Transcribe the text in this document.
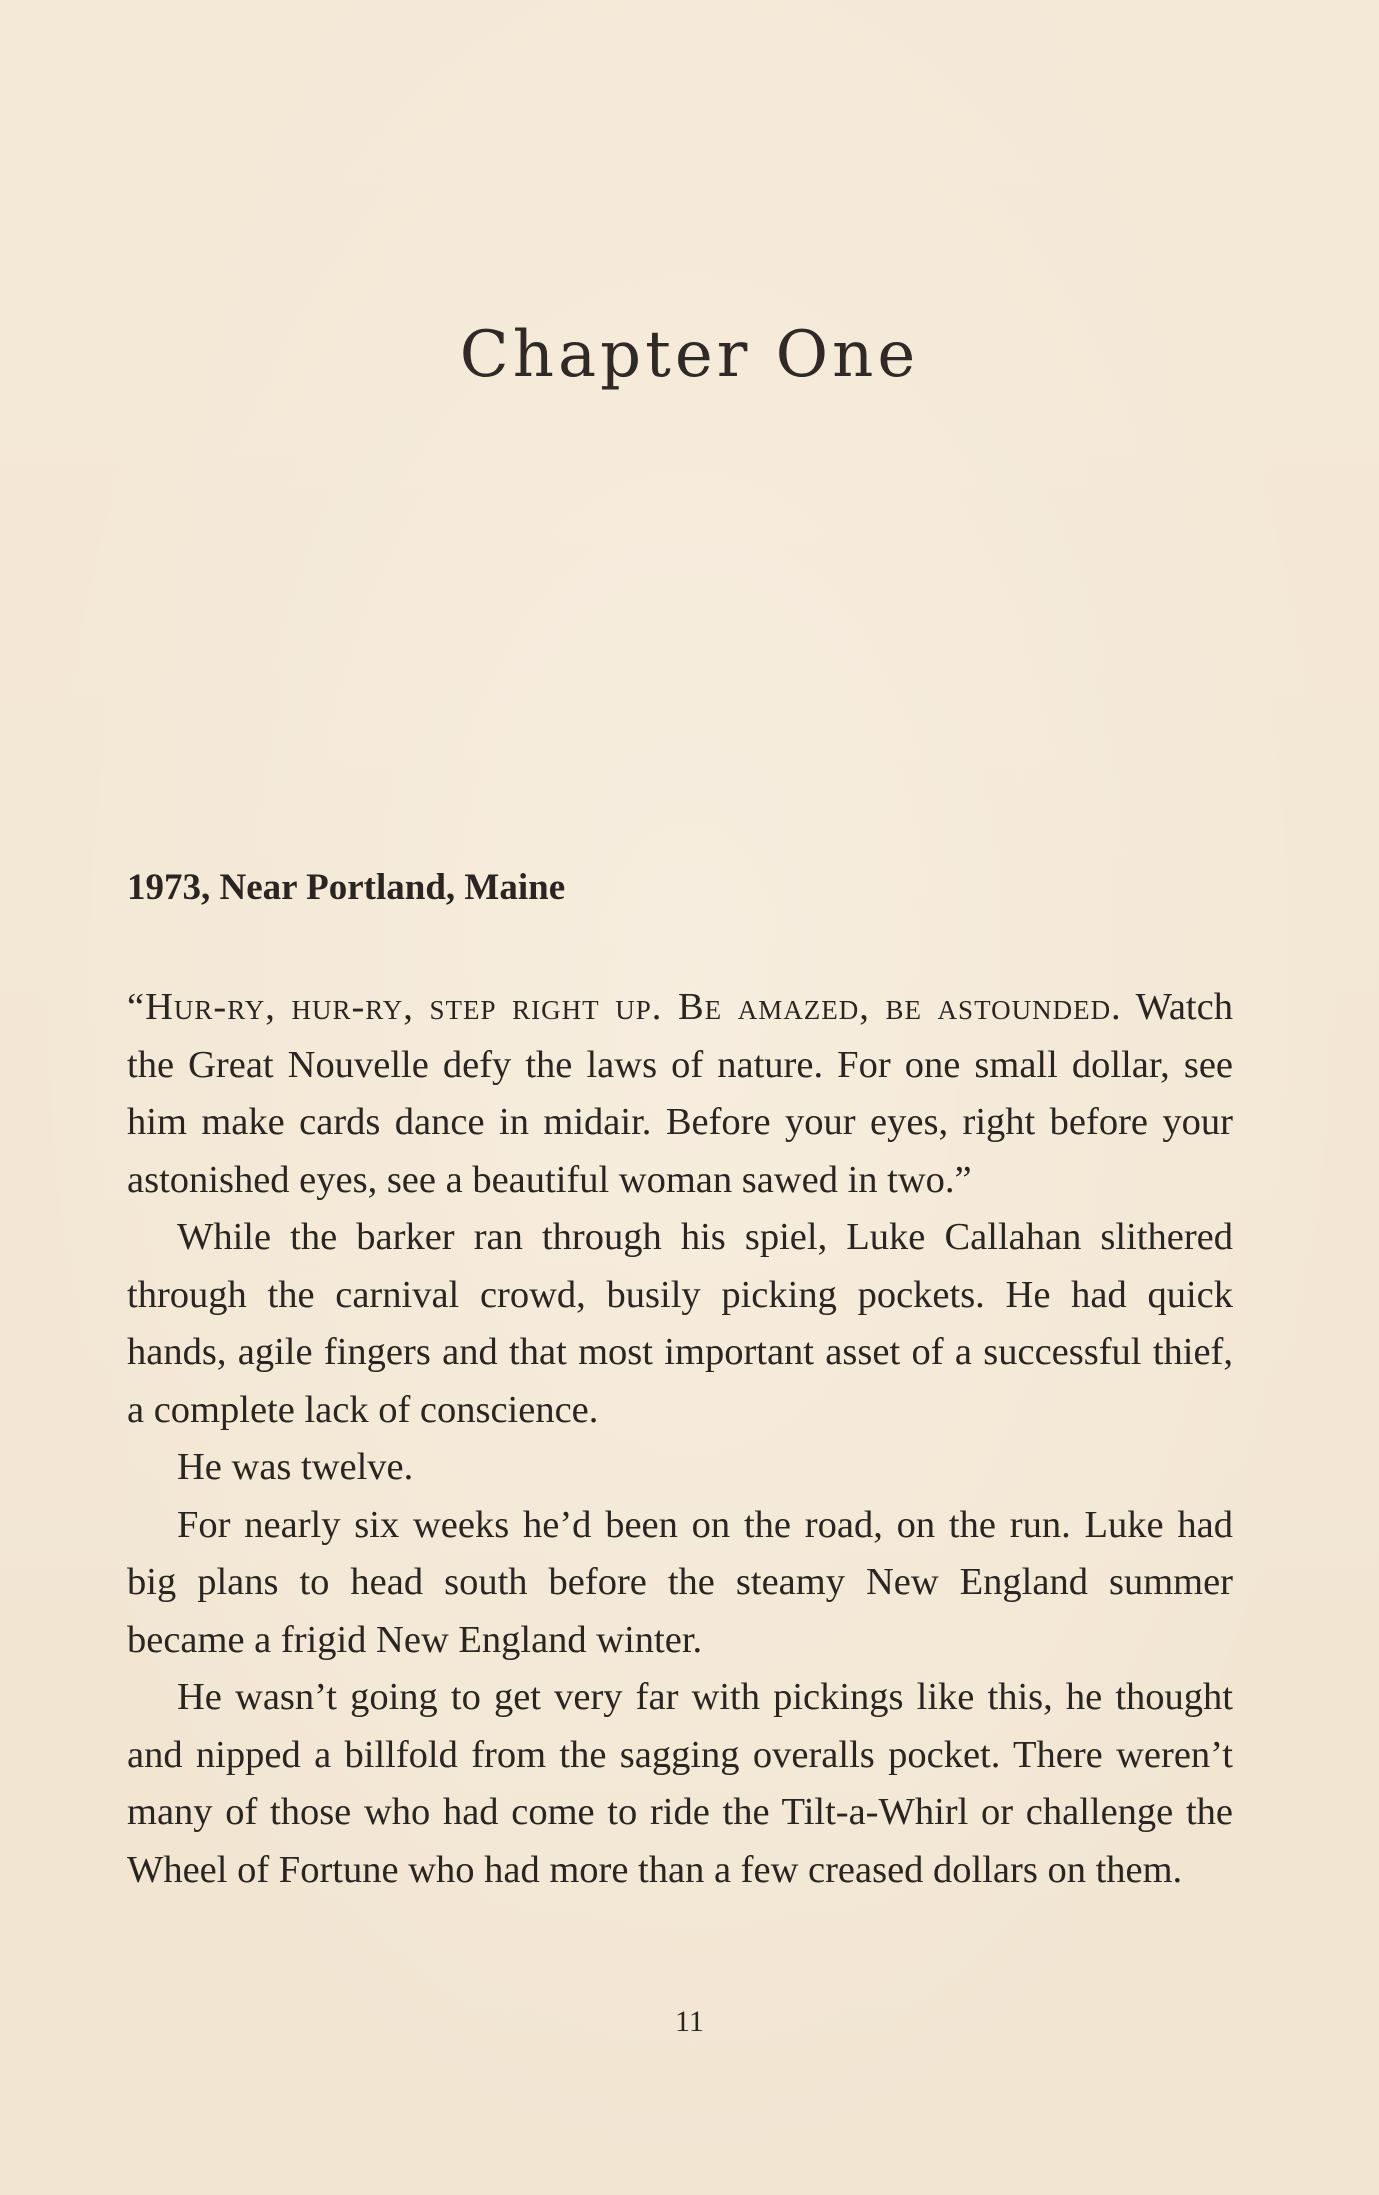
Chapter One
1973, Near Portland, Maine

“Hur-ry, hur-ry, step right up. Be amazed, be astounded. Watch the Great Nouvelle defy the laws of nature. For one small dollar, see him make cards dance in midair. Before your eyes, right before your astonished eyes, see a beautiful woman sawed in two.”

While the barker ran through his spiel, Luke Callahan slithered through the carnival crowd, busily picking pockets. He had quick hands, agile fingers and that most important asset of a successful thief, a complete lack of conscience.

He was twelve.

For nearly six weeks he’d been on the road, on the run. Luke had big plans to head south before the steamy New England summer became a frigid New England winter.

He wasn’t going to get very far with pickings like this, he thought and nipped a billfold from the sagging overalls pocket. There weren’t many of those who had come to ride the Tilt-a-Whirl or challenge the Wheel of Fortune who had more than a few creased dollars on them.

11
